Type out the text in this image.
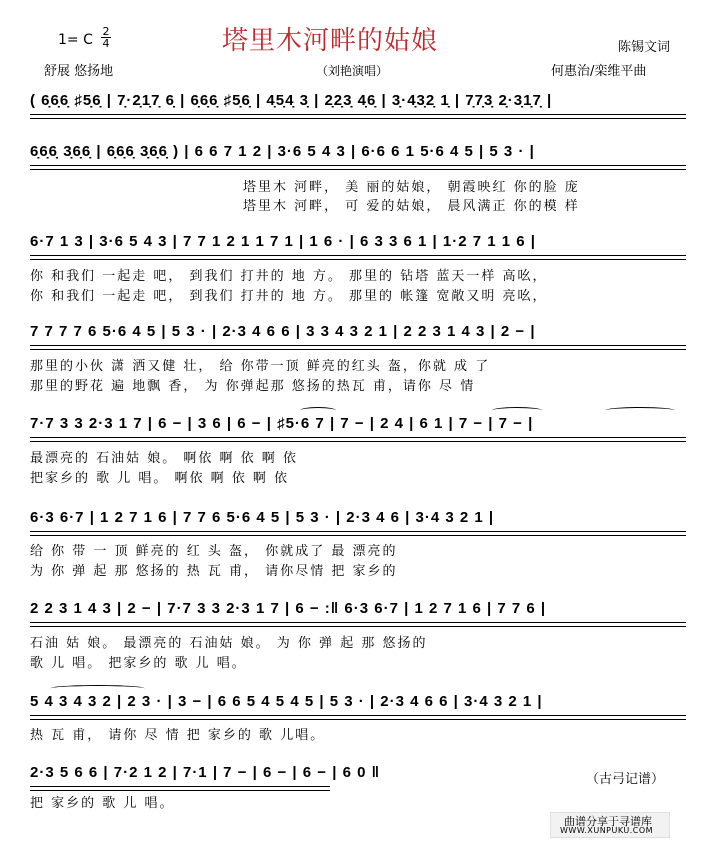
1= C
2
4	塔里木河畔的姑娘
舒展 悠扬地	（刘艳演唱）
陈锡文词
何惠治/栾维平曲
( 6̣6̣6̣ ♯5̣6̣ | 7̣·2̣1̣7̣ 6̣ | 6̣6̣6̣ ♯5̣6̣ | 4̣5̣4̣ 3̣ | 2̣2̣3̣ 4̣6̣ | 3̣·4̣3̣2̣ 1̣ | 7̣7̣3̣ 2̣·3̣1̣7̣ |
6̣6̣6̣ 3̣6̣6̣ | 6̣6̣6̣ 3̣6̣6̣ ) | 6 6 7 1 2 | 3·6 5 4 3 | 6·6 6 1 5·6 4 5 | 5 3 · |
塔里木 河畔， 美 丽的姑娘， 朝霞映红 你的脸 庞
塔里木 河畔， 可 爱的姑娘， 晨风满正 你的模 样
6·7 1 3 | 3·6 5 4 3 | 7 7 1 2 1 1 7 1 | 1 6 · | 6 3 3 6 1 | 1·2 7 1 1 6 |
你 和我们 一起走 吧， 到我们 打井的 地 方。 那里的 钻塔 蓝天一样 高吆，
你 和我们 一起走 吧， 到我们 打井的 地 方。 那里的 帐篷 宽敞又明 亮吆，
7 7 7 7 6 5·6 4 5 | 5 3 · | 2·3 4 6 6 | 3 3 4 3 2 1 | 2 2 3 1 4 3 | 2 − |
那里的小伙 潇 洒又健 壮， 给 你带一顶 鲜亮的红头 盔，你就 成 了
那里的野花 遍 地飘 香， 为 你弹起那 悠扬的热瓦 甫，请你 尽 情
7·7 3 3 2·3 1 7 | 6 − | 3 6 | 6 − | ♯5·6 7 | 7 − | 2 4 | 6 1 | 7 − | 7 − |
最漂亮的 石油姑 娘。 啊依 啊 依 啊 依
把家乡的 歌 儿 唱。 啊依 啊 依 啊 依
6·3 6·7 | 1 2 7 1 6 | 7 7 6 5·6 4 5 | 5 3 · | 2·3 4 6 | 3·4 3 2 1 |
给 你 带 一 顶 鲜亮的 红 头 盔， 你就成了 最 漂亮的
为 你 弹 起 那 悠扬的 热 瓦 甫， 请你尽情 把 家乡的
2 2 3 1 4 3 | 2 − | 7·7 3 3 2·3 1 7 | 6 − :‖ 6·3 6·7 | 1 2 7 1 6 | 7 7 6 |
石油 姑 娘。 最漂亮的 石油姑 娘。 为 你 弹 起 那 悠扬的
歌 儿 唱。 把家乡的 歌 儿 唱。
5 4 3 4 3 2 | 2 3 · | 3 − | 6 6 5 4 5 4 5 | 5 3 · | 2·3 4 6 6 | 3·4 3 2 1 |
热 瓦 甫， 请你 尽 情 把 家乡的 歌 儿唱。
2·3 5 6 6 | 7·2 1 2 | 7·1 | 7 − | 6 − | 6 − | 6 0 ‖
把 家乡的 歌 儿 唱。
（古弓记谱）
曲谱分享于寻谱库
WWW.XUNPUKU.COM
